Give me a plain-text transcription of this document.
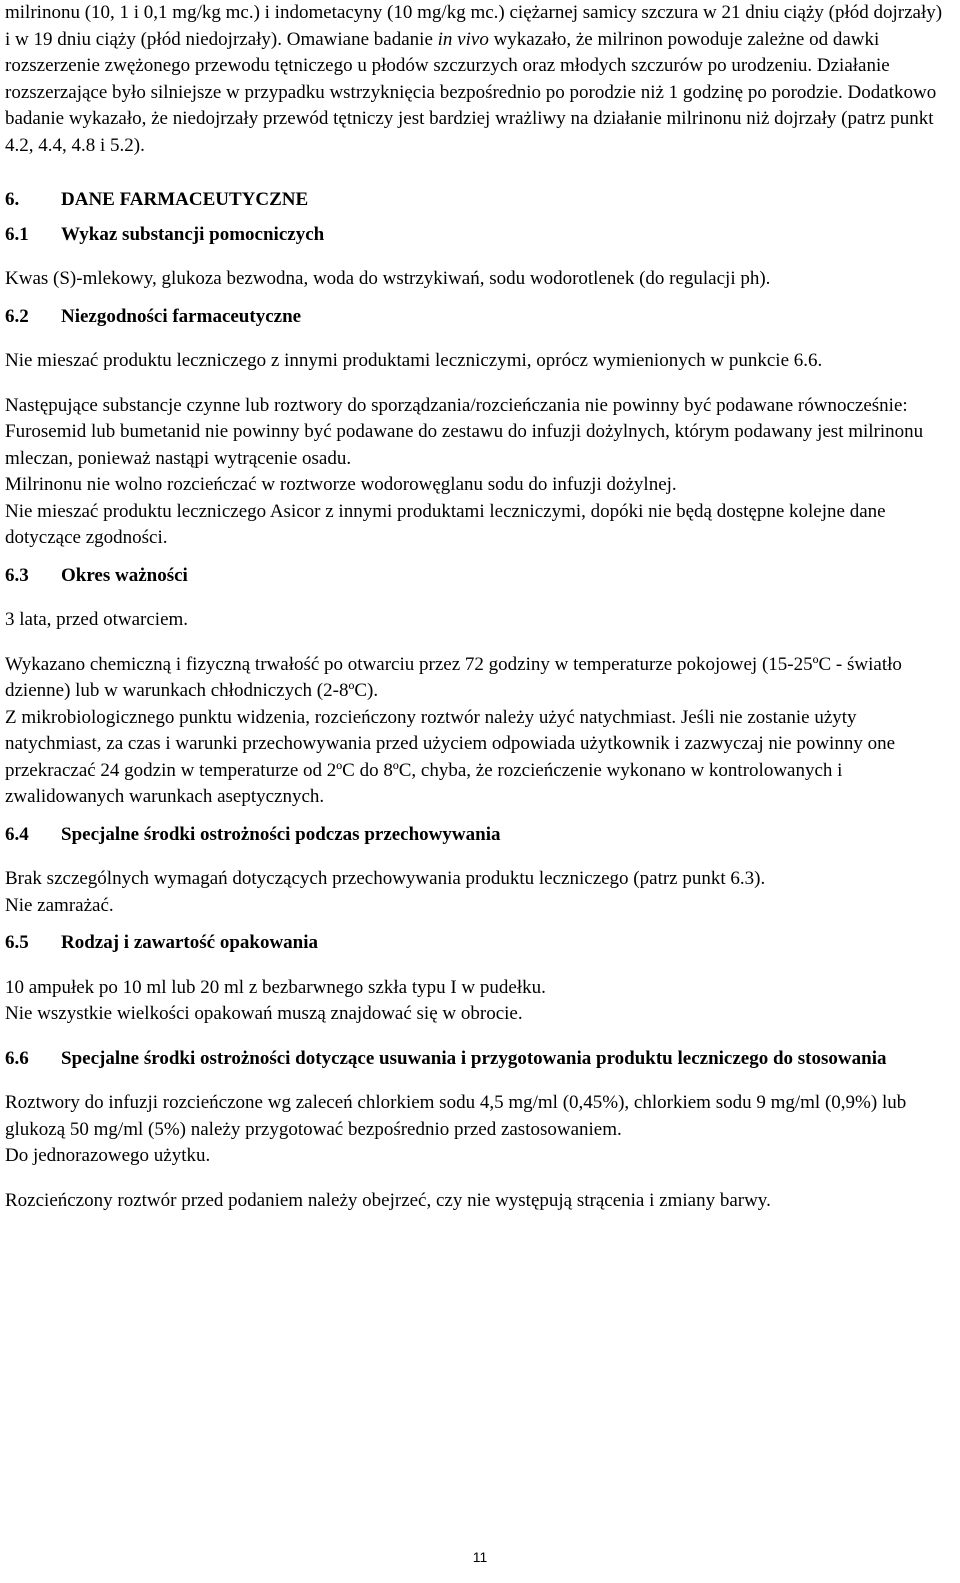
milrinonu (10, 1 i 0,1 mg/kg mc.) i indometacyny (10 mg/kg mc.) ciężarnej samicy szczura w 21 dniu ciąży (płód dojrzały) i w 19 dniu ciąży (płód niedojrzały). Omawiane badanie in vivo wykazało, że milrinon powoduje zależne od dawki rozszerzenie zwężonego przewodu tętniczego u płodów szczurzych oraz młodych szczurów po urodzeniu. Działanie rozszerzające było silniejsze w przypadku wstrzyknięcia bezpośrednio po porodzie niż 1 godzinę po porodzie. Dodatkowo badanie wykazało, że niedojrzały przewód tętniczy jest bardziej wrażliwy na działanie milrinonu niż dojrzały (patrz punkt 4.2, 4.4, 4.8 i 5.2).

6.	DANE FARMACEUTYCZNE
6.1	Wykaz substancji pomocniczych

Kwas (S)-mlekowy, glukoza bezwodna, woda do wstrzykiwań, sodu wodorotlenek (do regulacji ph).

6.2	Niezgodności farmaceutyczne

Nie mieszać produktu leczniczego z innymi produktami leczniczymi, oprócz wymienionych w punkcie 6.6.

Następujące substancje czynne lub roztwory do sporządzania/rozcieńczania nie powinny być podawane równocześnie:

Furosemid lub bumetanid nie powinny być podawane do zestawu do infuzji dożylnych, którym podawany jest milrinonu mleczan, ponieważ nastąpi wytrącenie osadu.

Milrinonu nie wolno rozcieńczać w roztworze wodorowęglanu sodu do infuzji dożylnej.

Nie mieszać produktu leczniczego Asicor z innymi produktami leczniczymi, dopóki nie będą dostępne kolejne dane dotyczące zgodności.

6.3	Okres ważności

3 lata, przed otwarciem.

Wykazano chemiczną i fizyczną trwałość po otwarciu przez 72 godziny w temperaturze pokojowej (15-25ºC - światło dzienne) lub w warunkach chłodniczych (2-8ºC).

Z mikrobiologicznego punktu widzenia, rozcieńczony roztwór należy użyć natychmiast. Jeśli nie zostanie użyty natychmiast, za czas i warunki przechowywania przed użyciem odpowiada użytkownik i zazwyczaj nie powinny one przekraczać 24 godzin w temperaturze od 2ºC do 8ºC, chyba, że rozcieńczenie wykonano w kontrolowanych i zwalidowanych warunkach aseptycznych.

6.4	Specjalne środki ostrożności podczas przechowywania

Brak szczególnych wymagań dotyczących przechowywania produktu leczniczego (patrz punkt 6.3).

Nie zamrażać.

6.5	Rodzaj i zawartość opakowania

10 ampułek po 10 ml lub 20 ml z bezbarwnego szkła typu I w pudełku.

Nie wszystkie wielkości opakowań muszą znajdować się w obrocie.

6.6	Specjalne środki ostrożności dotyczące usuwania i przygotowania produktu leczniczego do stosowania

Roztwory do infuzji rozcieńczone wg zaleceń chlorkiem sodu 4,5 mg/ml (0,45%), chlorkiem sodu 9 mg/ml (0,9%) lub glukozą 50 mg/ml (5%) należy przygotować bezpośrednio przed zastosowaniem.

Do jednorazowego użytku.

Rozcieńczony roztwór przed podaniem należy obejrzeć, czy nie występują strącenia i zmiany barwy.

11
